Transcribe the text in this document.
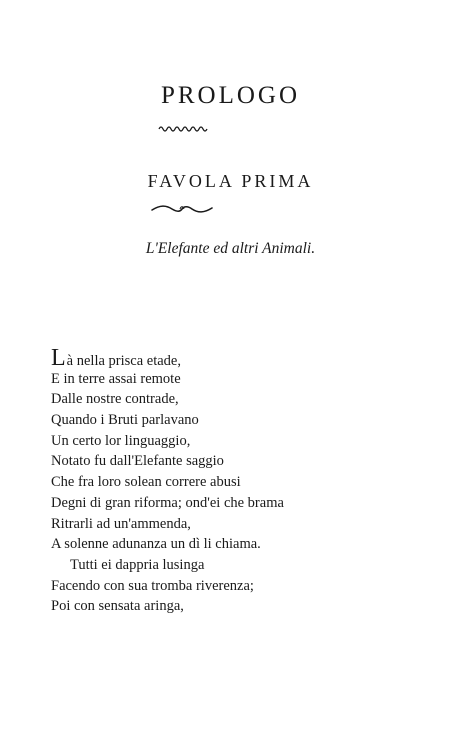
PROLOGO
FAVOLA PRIMA

L'Elefante ed altri Animali.

Là nella prisca etade,
E in terre assai remote
Dalle nostre contrade,
Quando i Bruti parlavano
Un certo lor linguaggio,
Notato fu dall'Elefante saggio
Che fra loro solean correre abusi
Degni di gran riforma; ond'ei che brama
Ritrarli ad un'ammenda,
A solenne adunanza un dì li chiama.
Tutti ei dappria lusinga
Facendo con sua tromba riverenza;
Poi con sensata aringa,
